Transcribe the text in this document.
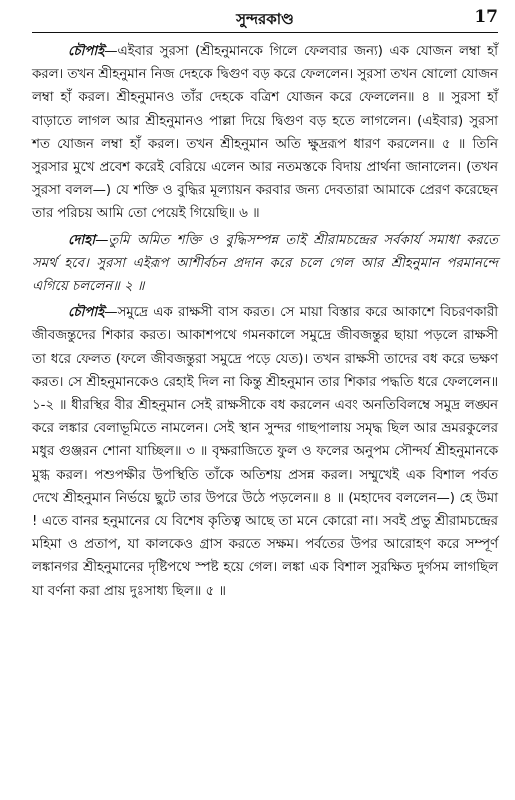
সুন্দরকাণ্ড	17

চৌপাই—এইবার সুরসা (শ্রীহনুমানকে গিলে ফেলবার জন্য) এক যোজন লম্বা হাঁ করল। তখন শ্রীহনুমান নিজ দেহকে দ্বিগুণ বড় করে ফেললেন। সুরসা তখন ষোলো যোজন লম্বা হাঁ করল। শ্রীহনুমানও তাঁর দেহকে বত্রিশ যোজন করে ফেললেন॥ ৪ ॥ সুরসা হাঁ বাড়াতে লাগল আর শ্রীহনুমানও পাল্লা দিয়ে দ্বিগুণ বড় হতে লাগলেন। (এইবার) সুরসা শত যোজন লম্বা হাঁ করল। তখন শ্রীহনুমান অতি ক্ষুদ্ররূপ ধারণ করলেন॥ ৫ ॥ তিনি সুরসার মুখে প্রবেশ করেই বেরিয়ে এলেন আর নতমস্তকে বিদায় প্রার্থনা জানালেন। (তখন সুরসা বলল—) যে শক্তি ও বুদ্ধির মূল্যায়ন করবার জন্য দেবতারা আমাকে প্রেরণ করেছেন তার পরিচয় আমি তো পেয়েই গিয়েছি॥ ৬ ॥

দোহা—তুমি অমিত শক্তি ও বুদ্ধিসম্পন্ন তাই শ্রীরামচন্দ্রের সর্বকার্য সমাধা করতে সমর্থ হবে। সুরসা এইরূপ আশীর্বচন প্রদান করে চলে গেল আর শ্রীহনুমান পরমানন্দে এগিয়ে চললেন॥ ২ ॥

চৌপাই—সমুদ্রে এক রাক্ষসী বাস করত। সে মায়া বিস্তার করে আকাশে বিচরণকারী জীবজন্তুদের শিকার করত। আকাশপথে গমনকালে সমুদ্রে জীবজন্তুর ছায়া পড়লে রাক্ষসী তা ধরে ফেলত (ফলে জীবজন্তুরা সমুদ্রে পড়ে যেত)। তখন রাক্ষসী তাদের বধ করে ভক্ষণ করত। সে শ্রীহনুমানকেও রেহাই দিল না কিন্তু শ্রীহনুমান তার শিকার পদ্ধতি ধরে ফেললেন॥ ১-২ ॥ ধীরস্থির বীর শ্রীহনুমান সেই রাক্ষসীকে বধ করলেন এবং অনতিবিলম্বে সমুদ্র লঙ্ঘন করে লঙ্কার বেলাভূমিতে নামলেন। সেই স্থান সুন্দর গাছপালায় সমৃদ্ধ ছিল আর ভ্রমরকুলের মধুর গুঞ্জরন শোনা যাচ্ছিল॥ ৩ ॥ বৃক্ষরাজিতে ফুল ও ফলের অনুপম সৌন্দর্য শ্রীহনুমানকে মুগ্ধ করল। পশুপক্ষীর উপস্থিতি তাঁকে অতিশয় প্রসন্ন করল। সম্মুখেই এক বিশাল পর্বত দেখে শ্রীহনুমান নির্ভয়ে ছুটে তার উপরে উঠে পড়লেন॥ ৪ ॥ (মহাদেব বললেন—) হে উমা ! এতে বানর হনুমানের যে বিশেষ কৃতিত্ব আছে তা মনে কোরো না। সবই প্রভু শ্রীরামচন্দ্রের মহিমা ও প্রতাপ, যা কালকেও গ্রাস করতে সক্ষম। পর্বতের উপর আরোহণ করে সম্পূর্ণ লঙ্কানগর শ্রীহনুমানের দৃষ্টিপথে স্পষ্ট হয়ে গেল। লঙ্কা এক বিশাল সুরক্ষিত দুর্গসম লাগছিল যা বর্ণনা করা প্রায় দুঃসাধ্য ছিল॥ ৫ ॥
